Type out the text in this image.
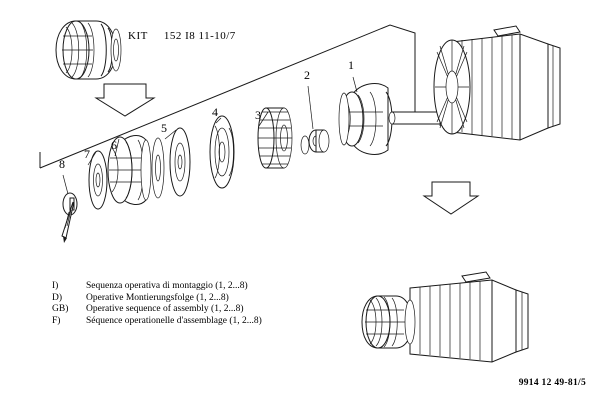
KIT 152 I8 11-10/7
1
2
3
4
5
6
7
8
I)	Sequenza operativa di montaggio (1, 2...8)
D)	Operative Montierungsfolge (1, 2...8)
GB)	Operative sequence of assembly (1, 2...8)
F)	Séquence operationelle d'assemblage (1, 2...8)
9914 12 49-81/5
